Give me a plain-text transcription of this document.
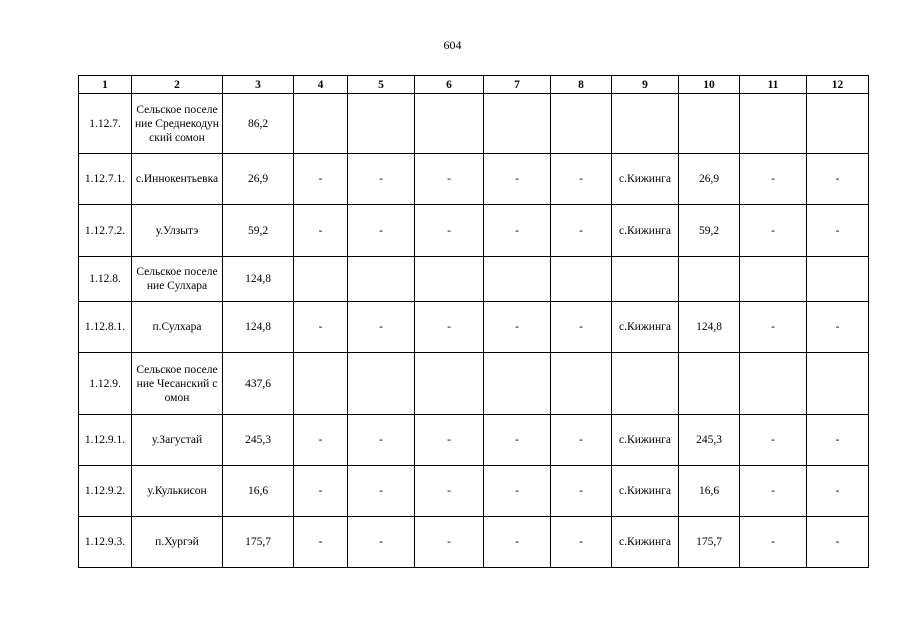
604
1	2	3	4	5	6	7	8	9	10	11	12
1.12.7.	Сельское поселение Среднекодунский сомон	86,2									
1.12.7.1.	с.Иннокентьевка	26,9	-	-	-	-	-	с.Кижинга	26,9	-	-
1.12.7.2.	у.Улзытэ	59,2	-	-	-	-	-	с.Кижинга	59,2	-	-
1.12.8.	Сельское поселение Сулхара	124,8									
1.12.8.1.	п.Сулхара	124,8	-	-	-	-	-	с.Кижинга	124,8	-	-
1.12.9.	Сельское поселение Чесанский сомон	437,6									
1.12.9.1.	у.Загустай	245,3	-	-	-	-	-	с.Кижинга	245,3	-	-
1.12.9.2.	у.Кулькисон	16,6	-	-	-	-	-	с.Кижинга	16,6	-	-
1.12.9.3.	п.Хургэй	175,7	-	-	-	-	-	с.Кижинга	175,7	-	-
